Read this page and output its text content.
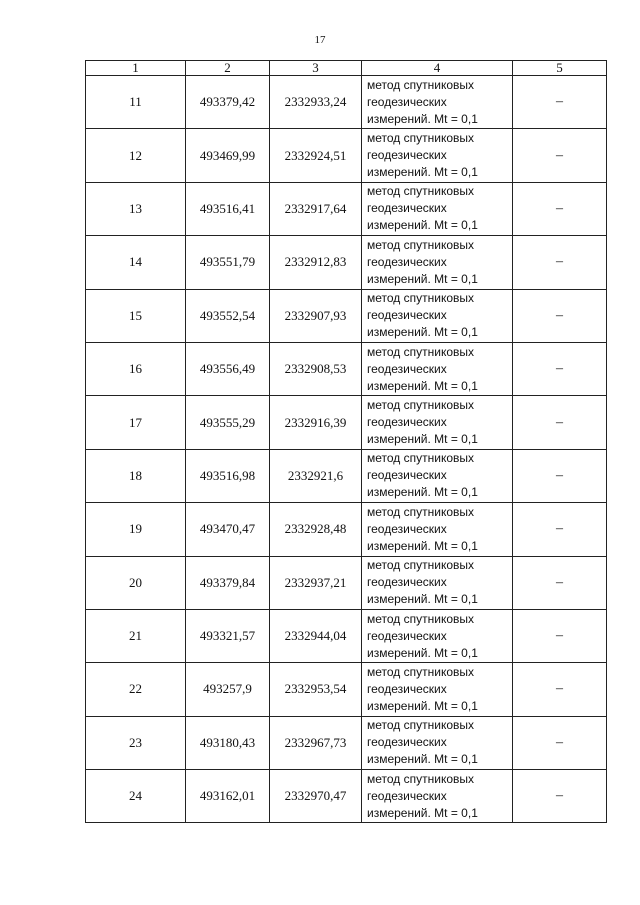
17
1	2	3	4	5
11	493379,42	2332933,24	метод спутниковых
геодезических
измерений. Mt = 0,1	–
12	493469,99	2332924,51	метод спутниковых
геодезических
измерений. Mt = 0,1	–
13	493516,41	2332917,64	метод спутниковых
геодезических
измерений. Mt = 0,1	–
14	493551,79	2332912,83	метод спутниковых
геодезических
измерений. Mt = 0,1	–
15	493552,54	2332907,93	метод спутниковых
геодезических
измерений. Mt = 0,1	–
16	493556,49	2332908,53	метод спутниковых
геодезических
измерений. Mt = 0,1	–
17	493555,29	2332916,39	метод спутниковых
геодезических
измерений. Mt = 0,1	–
18	493516,98	2332921,6	метод спутниковых
геодезических
измерений. Mt = 0,1	–
19	493470,47	2332928,48	метод спутниковых
геодезических
измерений. Mt = 0,1	–
20	493379,84	2332937,21	метод спутниковых
геодезических
измерений. Mt = 0,1	–
21	493321,57	2332944,04	метод спутниковых
геодезических
измерений. Mt = 0,1	–
22	493257,9	2332953,54	метод спутниковых
геодезических
измерений. Mt = 0,1	–
23	493180,43	2332967,73	метод спутниковых
геодезических
измерений. Mt = 0,1	–
24	493162,01	2332970,47	метод спутниковых
геодезических
измерений. Mt = 0,1	–
